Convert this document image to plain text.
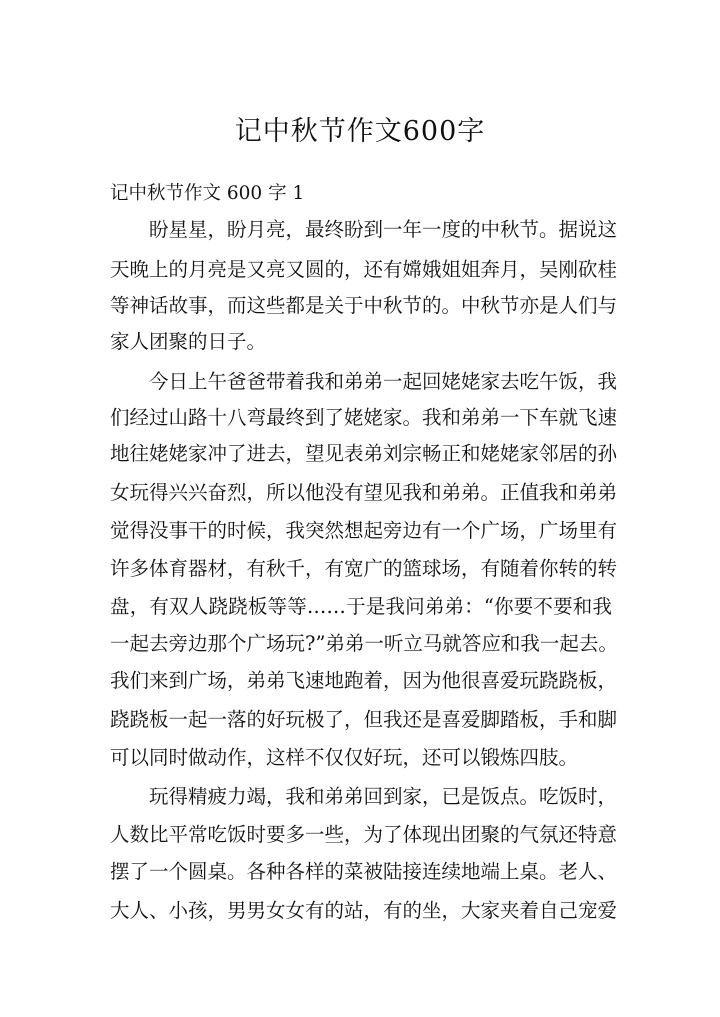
记中秋节作文600字

记中秋节作文 600 字 1

盼星星，盼月亮，最终盼到一年一度的中秋节。据说这

天晚上的月亮是又亮又圆的，还有嫦娥姐姐奔月，吴刚砍桂

等神话故事，而这些都是关于中秋节的。中秋节亦是人们与

家人团聚的日子。

今日上午爸爸带着我和弟弟一起回姥姥家去吃午饭，我

们经过山路十八弯最终到了姥姥家。我和弟弟一下车就飞速

地往姥姥家冲了进去，望见表弟刘宗畅正和姥姥家邻居的孙

女玩得兴兴奋烈，所以他没有望见我和弟弟。正值我和弟弟

觉得没事干的时候，我突然想起旁边有一个广场，广场里有

许多体育器材，有秋千，有宽广的篮球场，有随着你转的转

盘，有双人跷跷板等等……于是我问弟弟：“你要不要和我

一起去旁边那个广场玩?”弟弟一听立马就答应和我一起去。

我们来到广场，弟弟飞速地跑着，因为他很喜爱玩跷跷板，

跷跷板一起一落的好玩极了，但我还是喜爱脚踏板，手和脚

可以同时做动作，这样不仅仅好玩，还可以锻炼四肢。

玩得精疲力竭，我和弟弟回到家，已是饭点。吃饭时，

人数比平常吃饭时要多一些，为了体现出团聚的气氛还特意

摆了一个圆桌。各种各样的菜被陆接连续地端上桌。老人、

大人、小孩，男男女女有的站，有的坐，大家夹着自己宠爱
